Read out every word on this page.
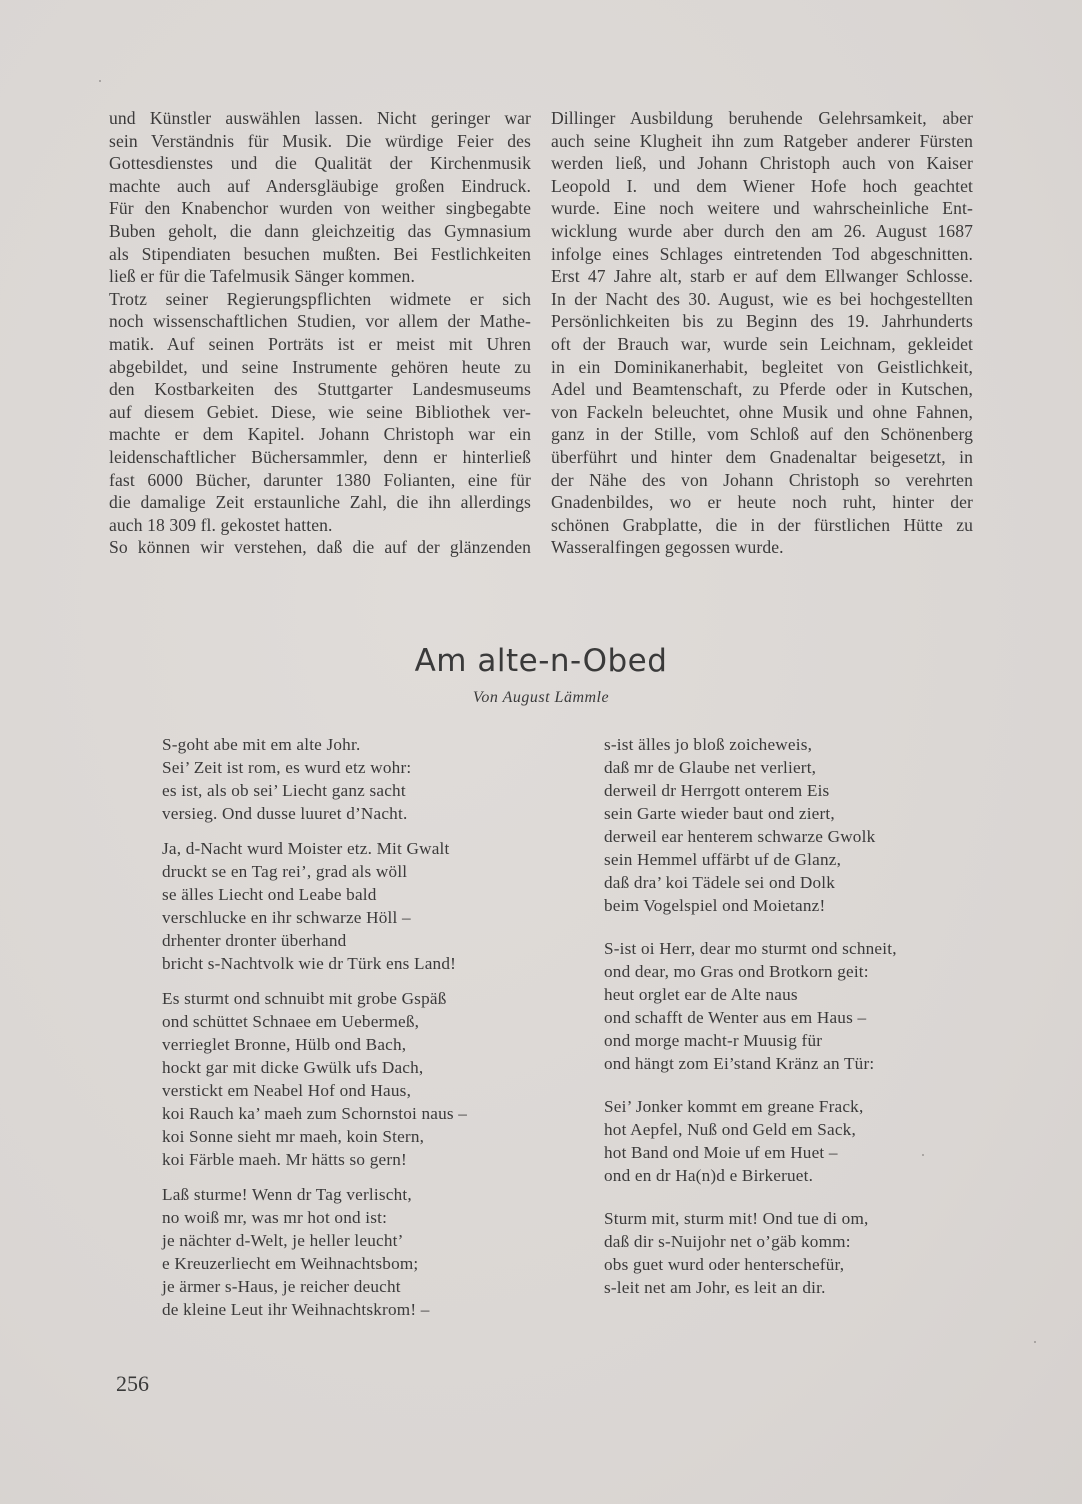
und Künstler auswählen lassen. Nicht geringer war
sein Verständnis für Musik. Die würdige Feier des
Gottesdienstes und die Qualität der Kirchenmusik
machte auch auf Andersgläubige großen Eindruck.
Für den Knabenchor wurden von weither singbegabte
Buben geholt, die dann gleichzeitig das Gymnasium
als Stipendiaten besuchen mußten. Bei Festlichkeiten
ließ er für die Tafelmusik Sänger kommen.
Trotz seiner Regierungspflichten widmete er sich
noch wissenschaftlichen Studien, vor allem der Mathe-
matik. Auf seinen Porträts ist er meist mit Uhren
abgebildet, und seine Instrumente gehören heute zu
den Kostbarkeiten des Stuttgarter Landesmuseums
auf diesem Gebiet. Diese, wie seine Bibliothek ver-
machte er dem Kapitel. Johann Christoph war ein
leidenschaftlicher Büchersammler, denn er hinterließ
fast 6000 Bücher, darunter 1380 Folianten, eine für
die damalige Zeit erstaunliche Zahl, die ihn allerdings
auch 18 309 fl. gekostet hatten.
So können wir verstehen, daß die auf der glänzenden
Dillinger Ausbildung beruhende Gelehrsamkeit, aber
auch seine Klugheit ihn zum Ratgeber anderer Fürsten
werden ließ, und Johann Christoph auch von Kaiser
Leopold I. und dem Wiener Hofe hoch geachtet
wurde. Eine noch weitere und wahrscheinliche Ent-
wicklung wurde aber durch den am 26. August 1687
infolge eines Schlages eintretenden Tod abgeschnitten.
Erst 47 Jahre alt, starb er auf dem Ellwanger Schlosse.
In der Nacht des 30. August, wie es bei hochgestellten
Persönlichkeiten bis zu Beginn des 19. Jahrhunderts
oft der Brauch war, wurde sein Leichnam, gekleidet
in ein Dominikanerhabit, begleitet von Geistlichkeit,
Adel und Beamtenschaft, zu Pferde oder in Kutschen,
von Fackeln beleuchtet, ohne Musik und ohne Fahnen,
ganz in der Stille, vom Schloß auf den Schönenberg
überführt und hinter dem Gnadenaltar beigesetzt, in
der Nähe des von Johann Christoph so verehrten
Gnadenbildes, wo er heute noch ruht, hinter der
schönen Grabplatte, die in der fürstlichen Hütte zu
Wasseralfingen gegossen wurde.
Am alte-n-Obed
Von August Lämmle
S-goht abe mit em alte Johr.
Sei’ Zeit ist rom, es wurd etz wohr:
es ist, als ob sei’ Liecht ganz sacht
versieg. Ond dusse luuret d’Nacht.
Ja, d-Nacht wurd Moister etz. Mit Gwalt
druckt se en Tag rei’, grad als wöll
se älles Liecht ond Leabe bald
verschlucke en ihr schwarze Höll –
drhenter dronter überhand
bricht s-Nachtvolk wie dr Türk ens Land!
Es sturmt ond schnuibt mit grobe Gspäß
ond schüttet Schnaee em Uebermeß,
verrieglet Bronne, Hülb ond Bach,
hockt gar mit dicke Gwülk ufs Dach,
verstickt em Neabel Hof ond Haus,
koi Rauch ka’ maeh zum Schornstoi naus –
koi Sonne sieht mr maeh, koin Stern,
koi Färble maeh. Mr hätts so gern!
Laß sturme! Wenn dr Tag verlischt,
no woiß mr, was mr hot ond ist:
je nächter d-Welt, je heller leucht’
e Kreuzerliecht em Weihnachtsbom;
je ärmer s-Haus, je reicher deucht
de kleine Leut ihr Weihnachtskrom! –
s-ist älles jo bloß zoicheweis,
daß mr de Glaube net verliert,
derweil dr Herrgott onterem Eis
sein Garte wieder baut ond ziert,
derweil ear henterem schwarze Gwolk
sein Hemmel uffärbt uf de Glanz,
daß dra’ koi Tädele sei ond Dolk
beim Vogelspiel ond Moietanz!
S-ist oi Herr, dear mo sturmt ond schneit,
ond dear, mo Gras ond Brotkorn geit:
heut orglet ear de Alte naus
ond schafft de Wenter aus em Haus –
ond morge macht-r Muusig für
ond hängt zom Ei’stand Kränz an Tür:
Sei’ Jonker kommt em greane Frack,
hot Aepfel, Nuß ond Geld em Sack,
hot Band ond Moie uf em Huet –
ond en dr Ha(n)d e Birkeruet.
Sturm mit, sturm mit! Ond tue di om,
daß dir s-Nuijohr net o’gäb komm:
obs guet wurd oder henterschefür,
s-leit net am Johr, es leit an dir.
256
